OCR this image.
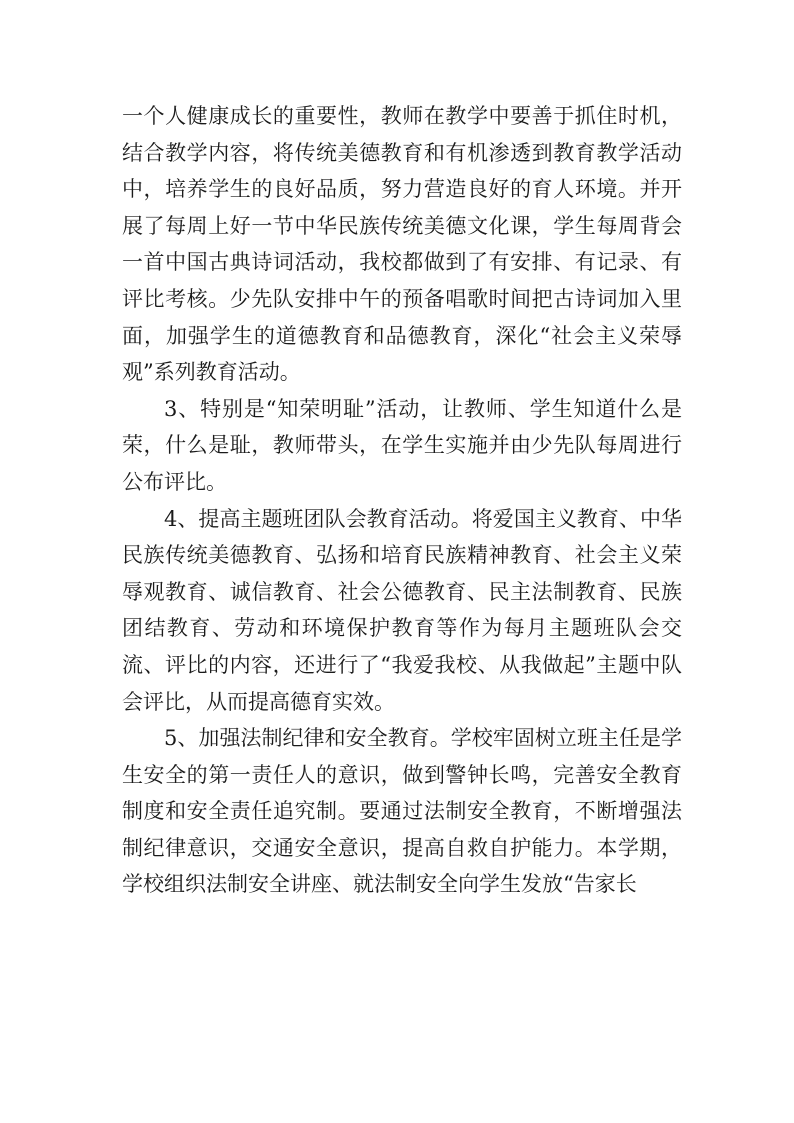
一个人健康成长的重要性，教师在教学中要善于抓住时机，结合教学内容，将传统美德教育和有机渗透到教育教学活动中，培养学生的良好品质，努力营造良好的育人环境。并开展了每周上好一节中华民族传统美德文化课，学生每周背会一首中国古典诗词活动，我校都做到了有安排、有记录、有评比考核。少先队安排中午的预备唱歌时间把古诗词加入里面，加强学生的道德教育和品德教育，深化“社会主义荣辱观”系列教育活动。

3、特别是“知荣明耻”活动，让教师、学生知道什么是荣，什么是耻，教师带头，在学生实施并由少先队每周进行公布评比。

4、提高主题班团队会教育活动。将爱国主义教育、中华民族传统美德教育、弘扬和培育民族精神教育、社会主义荣辱观教育、诚信教育、社会公德教育、民主法制教育、民族团结教育、劳动和环境保护教育等作为每月主题班队会交流、评比的内容，还进行了“我爱我校、从我做起”主题中队会评比，从而提高德育实效。

5、加强法制纪律和安全教育。学校牢固树立班主任是学生安全的第一责任人的意识，做到警钟长鸣，完善安全教育制度和安全责任追究制。要通过法制安全教育，不断增强法制纪律意识，交通安全意识，提高自救自护能力。本学期，学校组织法制安全讲座、就法制安全向学生发放“告家长
